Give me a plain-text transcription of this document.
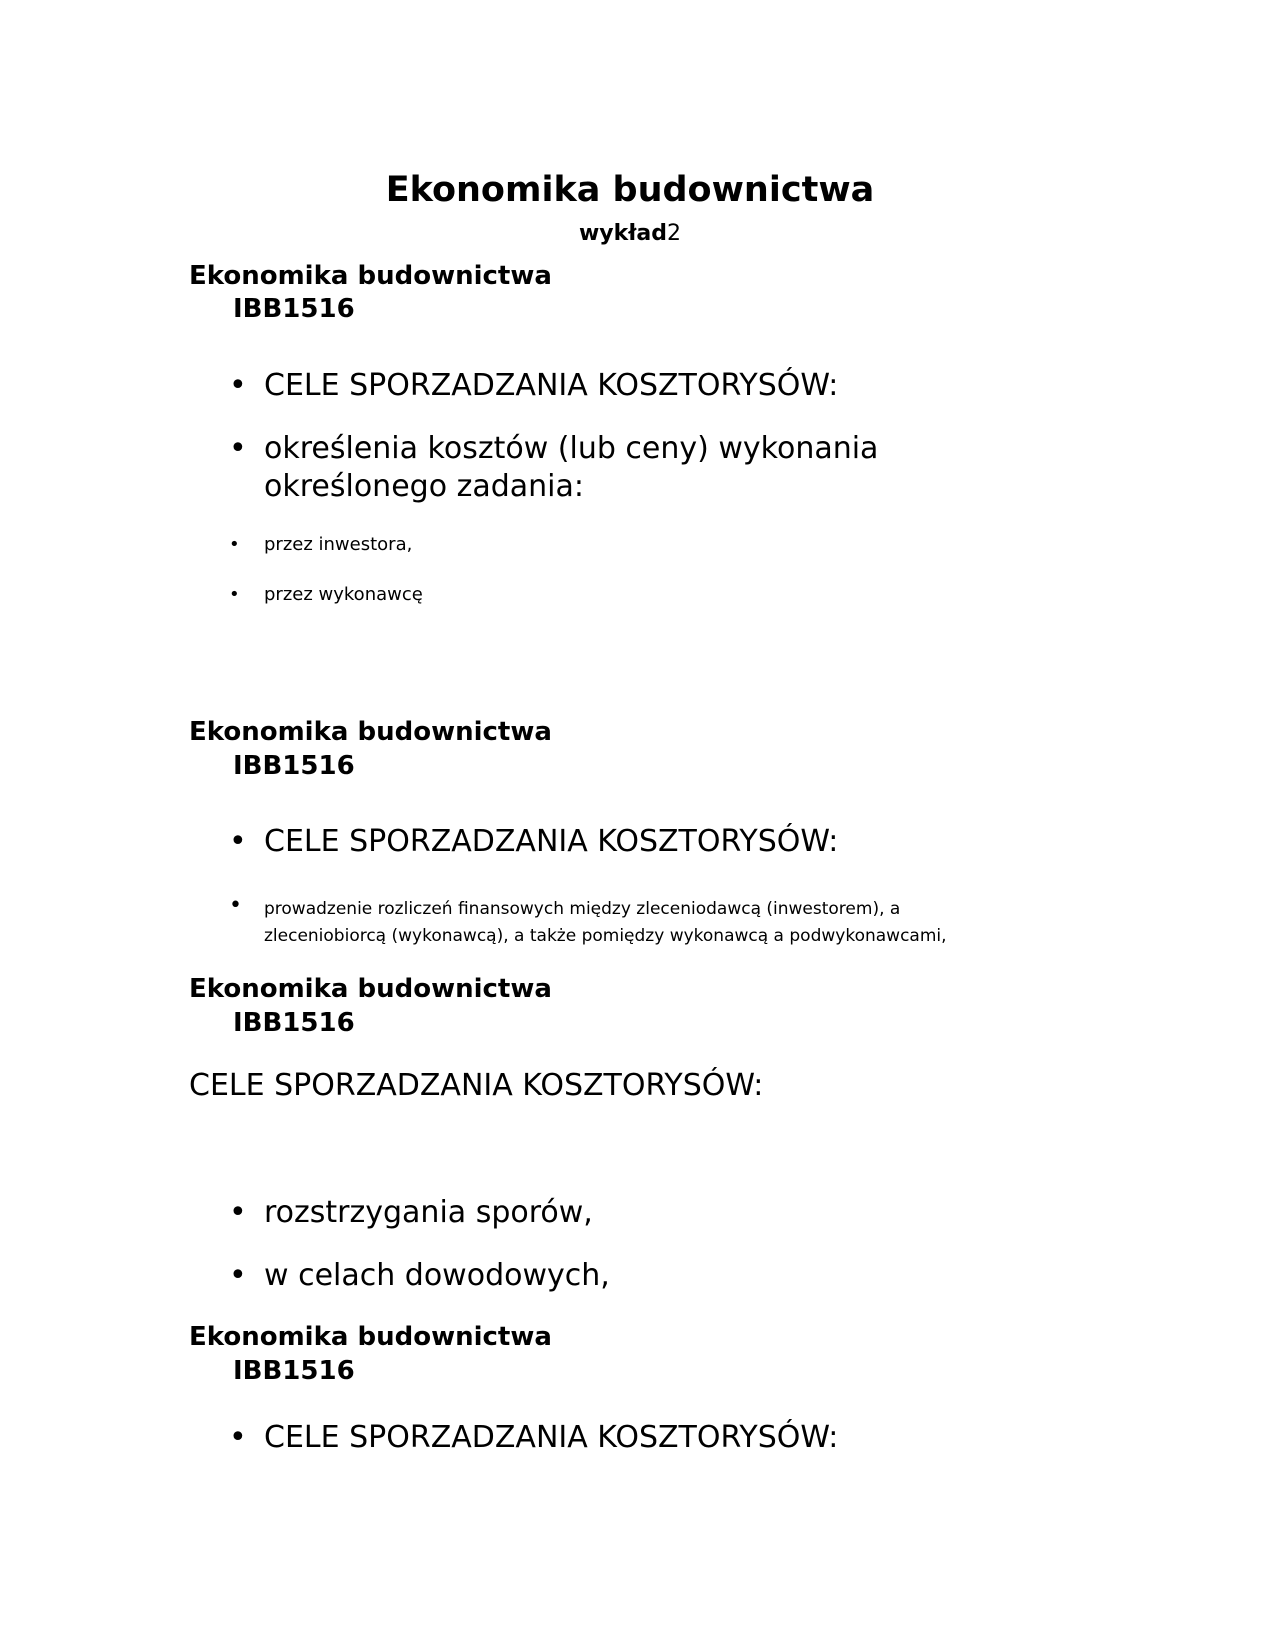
Ekonomika budownictwa
wykład2
Ekonomika budownictwa
IBB1516
• CELE SPORZADZANIA KOSZTORYSÓW:
• określenia kosztów (lub ceny) wykonania
określonego zadania:
• przez inwestora,
• przez wykonawcę
Ekonomika budownictwa
IBB1516
• CELE SPORZADZANIA KOSZTORYSÓW:
• prowadzenie rozliczeń finansowych między zleceniodawcą (inwestorem), a
zleceniobiorcą (wykonawcą), a także pomiędzy wykonawcą a podwykonawcami,
Ekonomika budownictwa
IBB1516
CELE SPORZADZANIA KOSZTORYSÓW:
• rozstrzygania sporów,
• w celach dowodowych,
Ekonomika budownictwa
IBB1516
• CELE SPORZADZANIA KOSZTORYSÓW:
